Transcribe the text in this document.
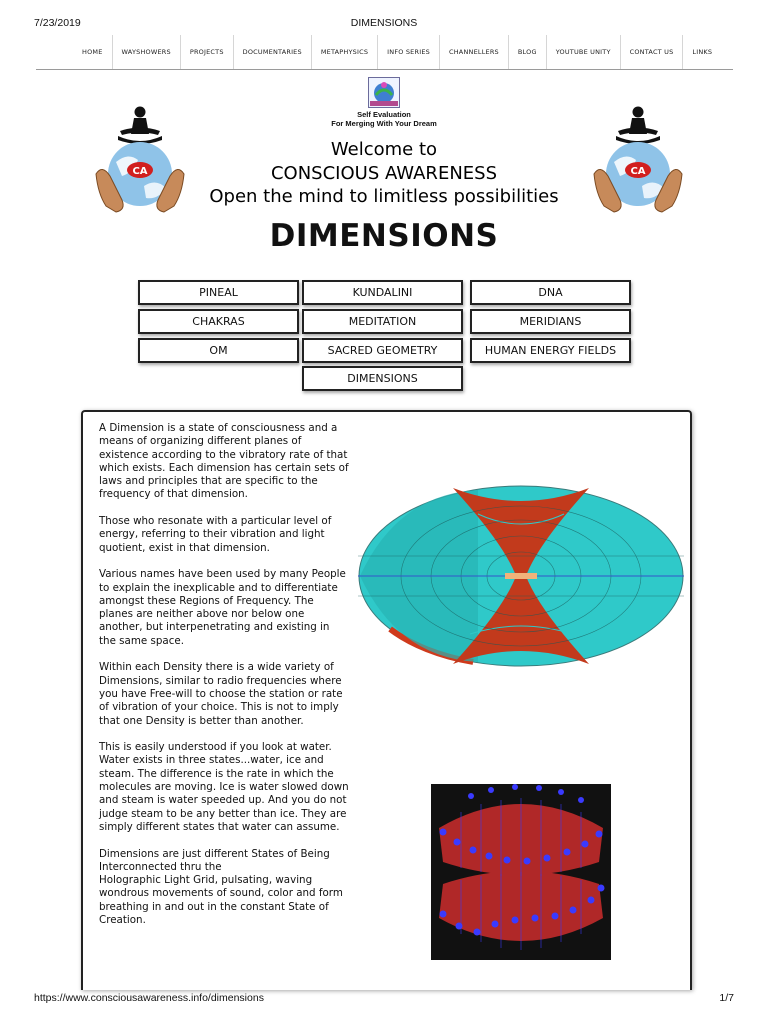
7/23/2019	DIMENSIONS
HOME	WAYSHOWERS	PROJECTS	DOCUMENTARIES	METAPHYSICS	INFO SERIES	CHANNELLERS	BLOG	YOUTUBE UNITY	CONTACT US	LINKS
Self Evaluation
For Merging With Your Dream
CA	CA
Welcome to
CONSCIOUS AWARENESS
Open the mind to limitless possibilities
DIMENSIONS
PINEAL	KUNDALINI	DNA
CHAKRAS	MEDITATION	MERIDIANS
OM	SACRED GEOMETRY	HUMAN ENERGY FIELDS
DIMENSIONS

A Dimension is a state of consciousness and a means of organizing different planes of existence according to the vibratory rate of that which exists. Each dimension has certain sets of laws and principles that are specific to the frequency of that dimension.

Those who resonate with a particular level of energy, referring to their vibration and light quotient, exist in that dimension.

Various names have been used by many People to explain the inexplicable and to differentiate amongst these Regions of Frequency. The planes are neither above nor below one another, but interpenetrating and existing in the same space.

Within each Density there is a wide variety of Dimensions, similar to radio frequencies where you have Free-will to choose the station or rate of vibration of your choice. This is not to imply that one Density is better than another.

This is easily understood if you look at water. Water exists in three states...water, ice and steam. The difference is the rate in which the molecules are moving. Ice is water slowed down and steam is water speeded up. And you do not judge steam to be any better than ice. They are simply different states that water can assume.

Dimensions are just different States of Being Interconnected thru the
Holographic Light Grid, pulsating, waving wondrous movements of sound, color and form
breathing in and out in the constant State of Creation.

https://www.consciousawareness.info/dimensions	1/7
